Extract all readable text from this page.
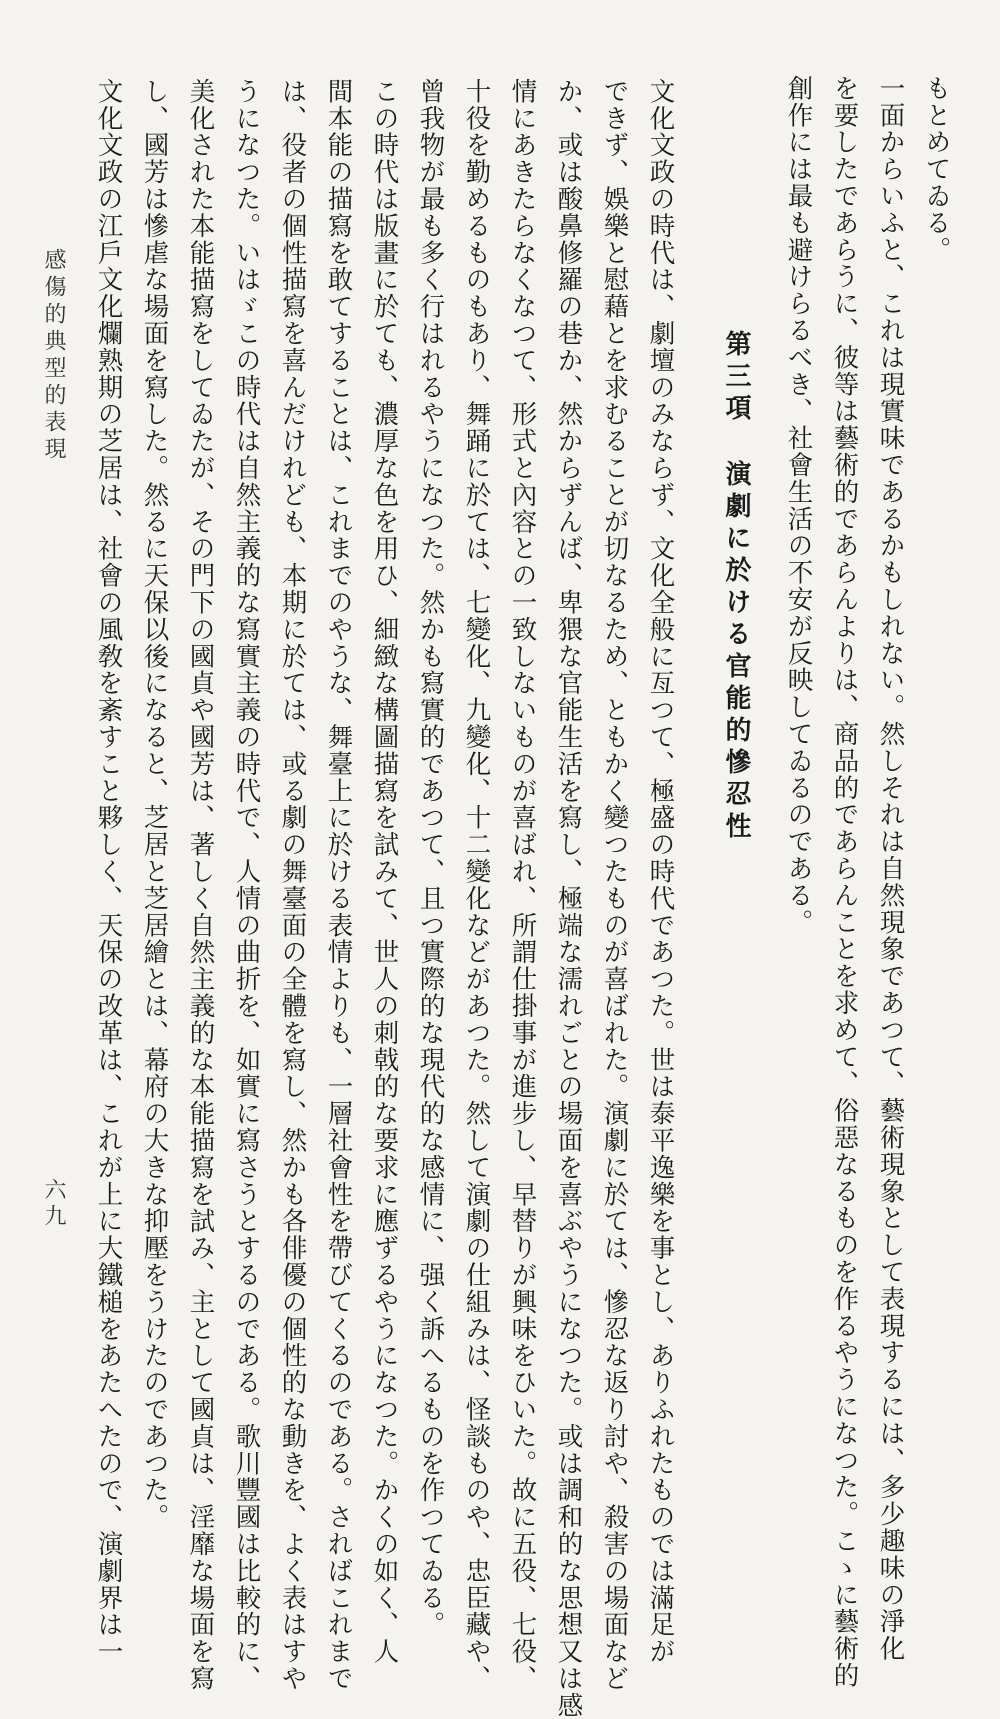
もとめてゐる。

一面からいふと、これは現實味であるかもしれない。然しそれは自然現象であつて、藝術現象として表現するには、多少趣味の淨化

を要したであらうに、彼等は藝術的であらんよりは、商品的であらんことを求めて、俗惡なるものを作るやうになつた。こゝに藝術的

創作には最も避けらるべき、社會生活の不安が反映してゐるのである。

第三項演劇に於ける官能的慘忍性

文化文政の時代は、劇壇のみならず、文化全般に亙つて、極盛の時代であつた。世は泰平逸樂を事とし、ありふれたものでは滿足が

できず、娛樂と慰藉とを求むることが切なるため、ともかく變つたものが喜ばれた。演劇に於ては、慘忍な返り討や、殺害の場面など

か、或は酸鼻修羅の巷か、然からずんば、卑猥な官能生活を寫し、極端な濡れごとの場面を喜ぶやうになつた。或は調和的な思想又は感

情にあきたらなくなつて、形式と內容との一致しないものが喜ばれ、所謂仕掛事が進步し、早替りが興味をひいた。故に五役、七役、

十役を勤めるものもあり、舞踊に於ては、七變化、九變化、十二變化などがあつた。然して演劇の仕組みは、怪談ものや、忠臣藏や、

曾我物が最も多く行はれるやうになつた。然かも寫實的であつて、且つ實際的な現代的な感情に、强く訴へるものを作つてゐる。

この時代は版畫に於ても、濃厚な色を用ひ、細緻な構圖描寫を試みて、世人の刺戟的な要求に應ずるやうになつた。かくの如く、人

間本能の描寫を敢てすることは、これまでのやうな、舞臺上に於ける表情よりも、一層社會性を帶びてくるのである。さればこれまで

は、役者の個性描寫を喜んだけれども、本期に於ては、或る劇の舞臺面の全體を寫し、然かも各俳優の個性的な動きを、よく表はすや

うになつた。いはゞこの時代は自然主義的な寫實主義の時代で、人情の曲折を、如實に寫さうとするのである。歌川豐國は比較的に、

美化された本能描寫をしてゐたが、その門下の國貞や國芳は、著しく自然主義的な本能描寫を試み、主として國貞は、淫靡な場面を寫

し、國芳は慘虐な場面を寫した。然るに天保以後になると、芝居と芝居繪とは、幕府の大きな抑壓をうけたのであつた。

文化文政の江戶文化爛熟期の芝居は、社會の風敎を紊すこと夥しく、天保の改革は、これが上に大鐵槌をあたへたので、演劇界は一

感傷的典型的表現
六九
